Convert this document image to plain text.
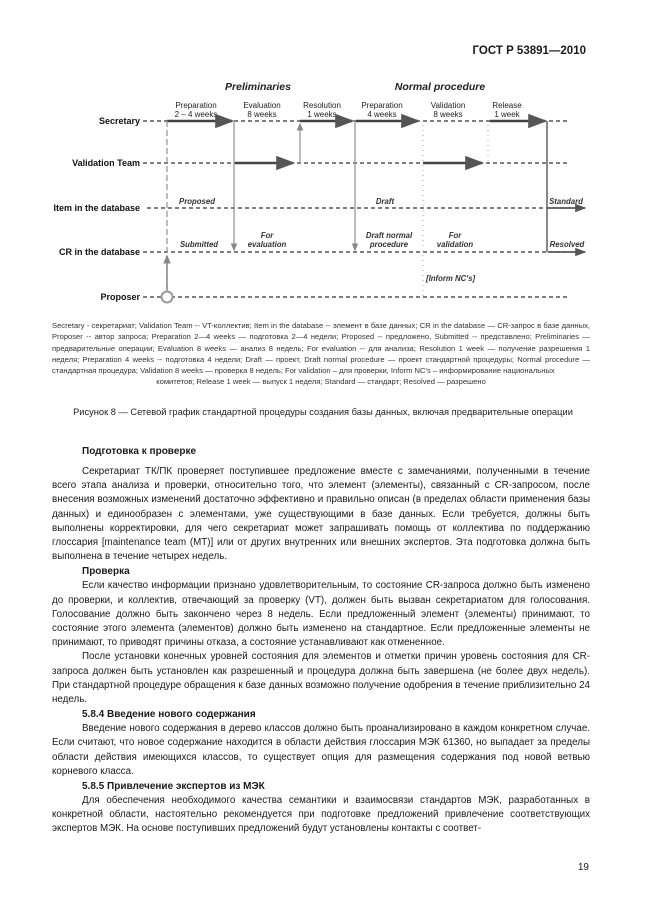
ГОСТ Р 53891—2010
Preliminaries	Normal procedure
Preparation
2 – 4 weeks
Evaluation
8 weeks
Resolution
1 weeks
Preparation
4 weeks
Validation
8 weeks
Release
1 week
Secretary
Validation Team
Item in the database
CR in the database
Proposer
Proposed	Draft	Standard
Submitted
For
evaluation
Draft normal
procedure
For
validation	Resolved
[Inform NC's]
Secretary - секретариат; Validation Team -- VT-коллектив; Item in the database -- элемент в базе данных; CR in the database — CR-запрос в базе данных, Proposer -- автор запроса; Preparation 2—4 weeks — подготовка 2—4 недели; Proposed -- предложено, Submitted -- представлено; Preliminaries — предварительные операции; Evaluation 8 weeks — анализ 8 недель; For evaluation -- для анализа; Resolution 1 week — получение разрешения 1 неделя; Preparation 4 weeks -- подготовка 4 недели; Draft — проект, Draft normal procedure — проект стандартной процедуры; Normal procedure — стандартная процедура; Validation 8 weeks — проверка 8 недель; For validation – для проверки, Inform NC's – информирование национальных
комитетов; Release 1 week — выпуск 1 неделя; Standard — стандарт; Resolved — разрешено
Рисунок 8 — Сетевой график стандартной процедуры создания базы данных, включая предварительные операции
Подготовка к проверке

Секретариат ТК/ПК проверяет поступившее предложение вместе с замечаниями, полученными в течение всего этапа анализа и проверки, относительно того, что элемент (элементы), связанный с CR-запросом, после внесения возможных изменений достаточно эффективно и правильно описан (в пределах области применения базы данных) и единообразен с элементами, уже существующими в базе данных. Если требуется, должны быть выполнены корректировки, для чего секретариат может запрашивать помощь от коллектива по поддержанию глоссария [maintenance team (MT)] или от других внутренних или внешних экспертов. Эта подготовка должна быть выполнена в течение четырех недель.

Проверка

Если качество информации признано удовлетворительным, то состояние CR-запроса должно быть изменено до проверки, и коллектив, отвечающий за проверку (VT), должен быть вызван секретариатом для голосования. Голосование должно быть закончено через 8 недель. Если предложенный элемент (элементы) принимают, то состояние этого элемента (элементов) должно быть изменено на стандартное. Если предложенные элементы не принимают, то приводят причины отказа, а состояние устанавливают как отмененное.

После установки конечных уровней состояния для элементов и отметки причин уровень состояния для CR-запроса должен быть установлен как разрешенный и процедура должна быть завершена (не более двух недель). При стандартной процедуре обращения к базе данных возможно получение одобрения в течение приблизительно 24 недель.

5.8.4 Введение нового содержания

Введение нового содержания в дерево классов должно быть проанализировано в каждом конкретном случае. Если считают, что новое содержание находится в области действия глоссария МЭК 61360, но выпадает за пределы области действия имеющихся классов, то существует опция для размещения содержания под новой ветвью корневого класса.

5.8.5 Привлечение экспертов из МЭК

Для обеспечения необходимого качества семантики и взаимосвязи стандартов МЭК, разработанных в конкретной области, настоятельно рекомендуется при подготовке предложений привлечение соответствующих экспертов МЭК. На основе поступивших предложений будут установлены контакты с соответ-

19
